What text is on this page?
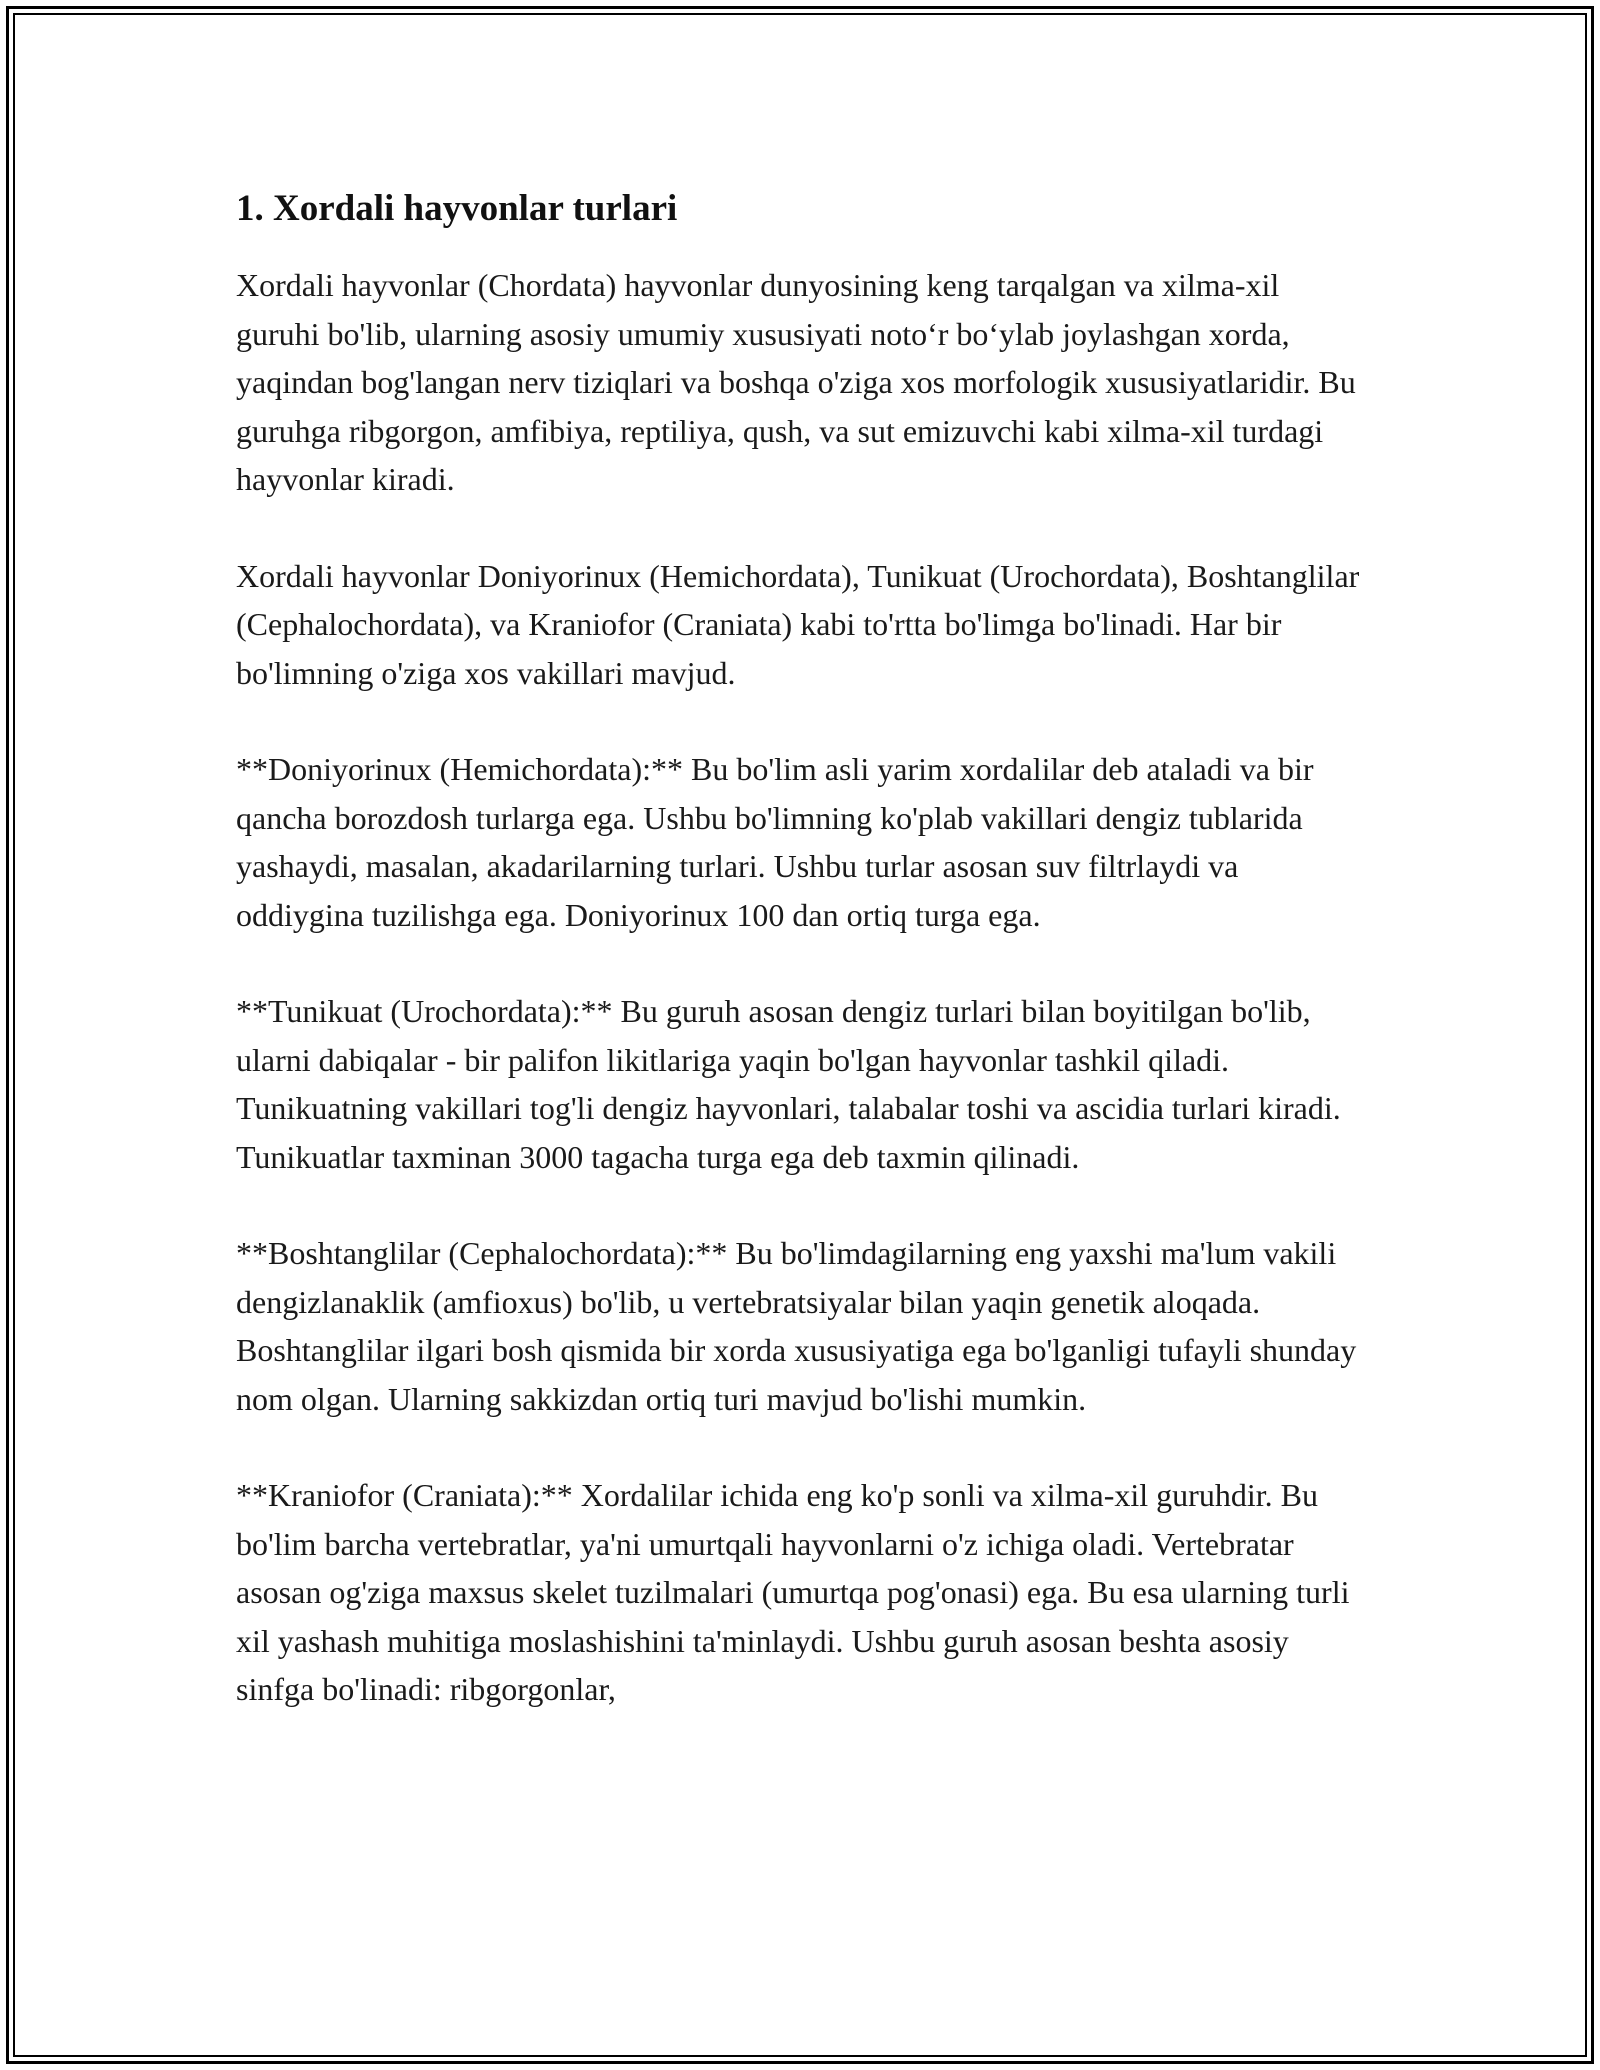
1. Xordali hayvonlar turlari

Xordali hayvonlar (Chordata) hayvonlar dunyosining keng tarqalgan va xilma-xil guruhi bo'lib, ularning asosiy umumiy xususiyati noto‘r bo‘ylab joylashgan xorda, yaqindan bog'langan nerv tiziqlari va boshqa o'ziga xos morfologik xususiyatlaridir. Bu guruhga ribgorgon, amfibiya, reptiliya, qush, va sut emizuvchi kabi xilma-xil turdagi hayvonlar kiradi.

Xordali hayvonlar Doniyorinux (Hemichordata), Tunikuat (Urochordata), Boshtanglilar (Cephalochordata), va Kraniofor (Craniata) kabi to'rtta bo'limga bo'linadi. Har bir bo'limning o'ziga xos vakillari mavjud.

**Doniyorinux (Hemichordata):** Bu bo'lim asli yarim xordalilar deb ataladi va bir qancha borozdosh turlarga ega. Ushbu bo'limning ko'plab vakillari dengiz tublarida yashaydi, masalan, akadarilarning turlari. Ushbu turlar asosan suv filtrlaydi va oddiygina tuzilishga ega. Doniyorinux 100 dan ortiq turga ega.

**Tunikuat (Urochordata):** Bu guruh asosan dengiz turlari bilan boyitilgan bo'lib, ularni dabiqalar - bir palifon likitlariga yaqin bo'lgan hayvonlar tashkil qiladi. Tunikuatning vakillari tog'li dengiz hayvonlari, talabalar toshi va ascidia turlari kiradi. Tunikuatlar taxminan 3000 tagacha turga ega deb taxmin qilinadi.

**Boshtanglilar (Cephalochordata):** Bu bo'limdagilarning eng yaxshi ma'lum vakili dengizlanaklik (amfioxus) bo'lib, u vertebratsiyalar bilan yaqin genetik aloqada. Boshtanglilar ilgari bosh qismida bir xorda xususiyatiga ega bo'lganligi tufayli shunday nom olgan. Ularning sakkizdan ortiq turi mavjud bo'lishi mumkin.

**Kraniofor (Craniata):** Xordalilar ichida eng ko'p sonli va xilma-xil guruhdir. Bu bo'lim barcha vertebratlar, ya'ni umurtqali hayvonlarni o'z ichiga oladi. Vertebratar asosan og'ziga maxsus skelet tuzilmalari (umurtqa pog'onasi) ega. Bu esa ularning turli xil yashash muhitiga moslashishini ta'minlaydi. Ushbu guruh asosan beshta asosiy sinfga bo'linadi: ribgorgonlar,
